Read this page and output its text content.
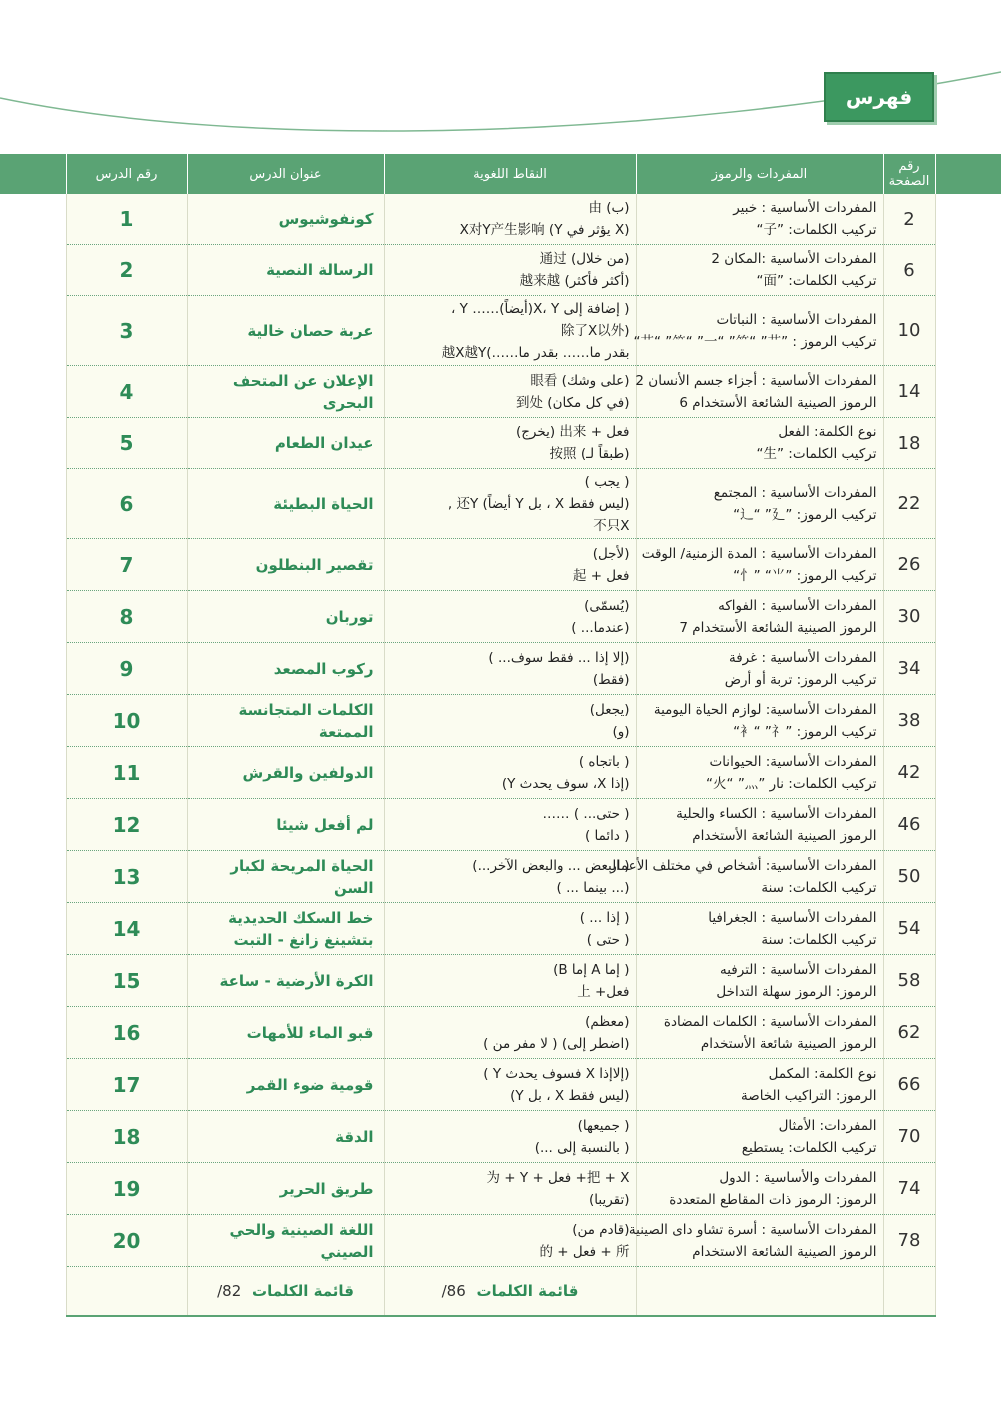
.........
فهرس
	رقم الصفحة	المفردات والرموز	النقاط اللغوية	عنوان الدرس	رقم الدرس	
	2	المفردات الأساسية : خبير
تركيب الكلمات: ”子“	(ب) 由
(X يؤثر في Y) X对Y产生影响	كونفوشيوس	1	
	6	المفردات الأساسية :المكان 2
تركيب الكلمات: ”面“	(من خلال) 通过
(أكثر فأكثر) 越来越	الرسالة النصية	2	
	10	المفردات الأساسية : النباتات
تركيب الرموز : ”艹“ ”⺮“ ”一“ ”⺮“ ”艹“	( إضافة إلى X، Y(أيضاً)…… Y ،
(除了X以外
بقدر ما…… بقدر ما……)越X越Y	عربة حصان خالية	3	
	14	المفردات الأساسية : أجزاء جسم الأنسان 2
الرموز الصينية الشائعة الأستخدام 6	(على وشك) 眼看
(في كل مكان) 到处	الإعلان عن المتحف البحرى	4	
	18	نوع الكلمة: الفعل
تركيب الكلمات: ”生“	فعل + 出来 (يخرج)
(طبقاً لـ) 按照	عيدان الطعام	5	
	22	المفردات الأساسية : المجتمع
تركيب الرموز: ”辶“ ”廴“	( يجب )
(ليس فقط X ، بل Y أيضاً) 还Y ,
不只X	الحياة البطيئة	6	
	26	المفردات الأساسية : المدة الزمنية/ الوقت
تركيب الرموز: ”⺌“ ”忄“	(لأجل)
فعل + 起	تقصير البنطلون	7	
	30	المفردات الأساسية : الفواكه
الرموز الصينية الشائعة الأستخدام 7	(يُسمّى)
(عندما... )	توربان	8	
	34	المفردات الأساسية : غرفة
تركيب الرموز: تربة أو أرض	(إلا إذا ... فقط سوف... )
(فقط)	ركوب المصعد	9	
	38	المفردات الأساسية: لوازم الحياة اليومية
تركيب الرموز: ”衤“ ”礻“	(يجعل)
(و)	الكلمات المتجانسة الممتعة	10	
	42	المفردات الأساسية: الحيوانات
تركيب الكلمات: نار ”火“ ”灬“	( باتجاه )
(إذا X، سوف يحدث Y)	الدولفين والقرش	11	
	46	المفردات الأساسية : الكساء والحلية
الرموز الصينية الشائعة الأستخدام	( حتى... ) ……
( دائما )	لم أفعل شيئا	12	
	50	المفردات الأساسية: أشخاص في مختلف الأعمار
تركيب الكلمات: سنة	( البعض ... والبعض الآخر...)
(... بينما ... )	الحياة المريحة لكبار السن	13	
	54	المفردات الأساسية : الجغرافيا
تركيب الكلمات: سنة	( إذا ... )
( حتى )	خط السكك الحديدية بتشينغ زانغ - التبت	14	
	58	المفردات الأساسية : الترفيه
الرموز: الرموز سهلة التداخل	( إما A إما B)
فعل+ 上	الكرة الأرضية - ساعة	15	
	62	المفردات الأساسية : الكلمات المضادة
الرموز الصينية شائعة الأستخدام	(معظم)
(اضطر إلى) ( لا مفر من )	قبو الماء للأمهات	16	
	66	نوع الكلمة: المكمل
الرموز: التراكيب الخاصة	(إلاإذا X فسوف يحدث Y )
(ليس فقط X ، بل Y)	قومية ضوء القمر	17	
	70	المفردات: الأمثال
تركيب الكلمات: يستطيع	( جميعها)
( بالنسبة إلى ...)	الدقة	18	
	74	المفردات والأساسية : الدول
الرموز: الرموز ذات المقاطع المتعددة	把 + X+ فعل + 为 + Y
(تقريبا)	طريق الحرير	19	
	78	المفردات الأساسية : أسرة تشاو داى الصينية
الرموز الصينية الشائعة الاستخدام	(قادم من)
所 + فعل + 的	اللغة الصينية والحي الصيني	20	
			قائمة الكلمات 86/	قائمة الكلمات 82/		
